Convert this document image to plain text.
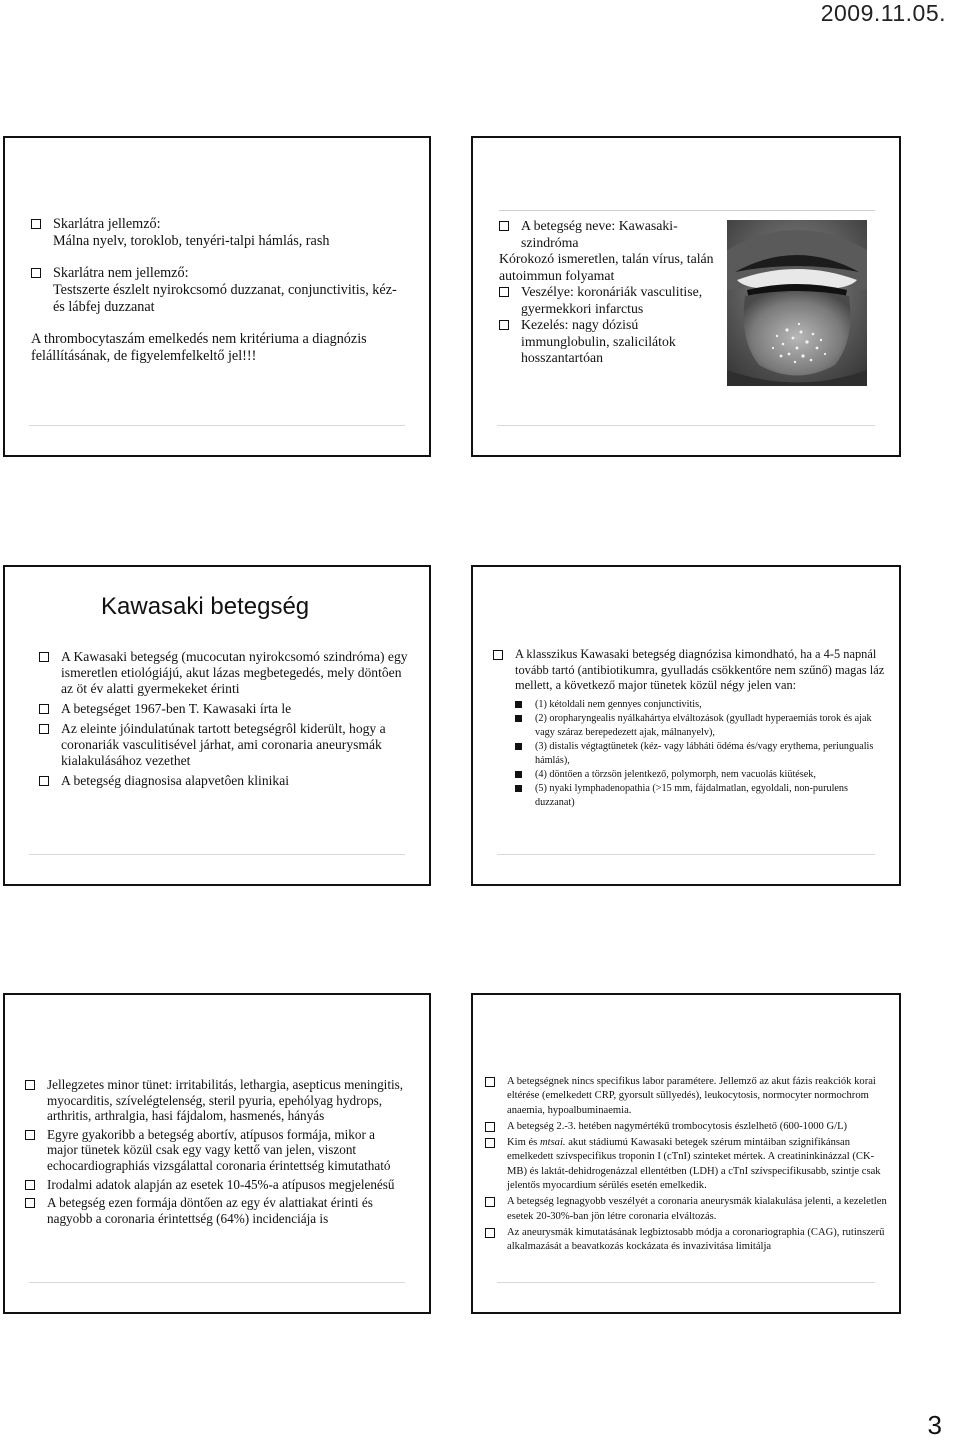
2009.11.05.
Skarlátra jellemző:
Málna nyelv, toroklob, tenyéri-talpi hámlás, rash
Skarlátra nem jellemző:
Testszerte észlelt nyirokcsomó duzzanat, conjunctivitis, kéz- és lábfej duzzanat
A thrombocytaszám emelkedés nem kritériuma a diagnózis felállításának, de figyelemfelkeltő jel!!!
A betegség neve: Kawasaki-szindróma
Kórokozó ismeretlen, talán vírus, talán autoimmun folyamat
Veszélye: koronáriák vasculitise, gyermekkori infarctus
Kezelés: nagy dózisú immunglobulin, szalicilátok hosszantartóan
Kawasaki betegség
A Kawasaki betegség (mucocutan nyirokcsomó szindróma) egy ismeretlen etiológiájú, akut lázas megbetegedés, mely döntôen az öt év alatti gyermekeket érinti
A betegséget 1967-ben T. Kawasaki írta le
Az eleinte jóindulatúnak tartott betegségrôl kiderült, hogy a coronariák vasculitisével járhat, ami coronaria aneurysmák kialakulásához vezethet
A betegség diagnosisa alapvetôen klinikai
A klasszikus Kawasaki betegség diagnózisa kimondható, ha a 4-5 napnál tovább tartó (antibiotikumra, gyulladás csökkentőre nem szűnő) magas láz mellett, a következő major tünetek közül négy jelen van:
(1) kétoldali nem gennyes conjunctivitis,
(2) oropharyngealis nyálkahártya elváltozások (gyulladt hyperaemiás torok és ajak vagy száraz berepedezett ajak, málnanyelv),
(3) distalis végtagtünetek (kéz- vagy lábháti ödéma és/vagy erythema, periungualis hámlás),
(4) döntően a törzsön jelentkező, polymorph, nem vacuolás kiütések,
(5) nyaki lymphadenopathia (>15 mm, fájdalmatlan, egyoldali, non-purulens duzzanat)
Jellegzetes minor tünet: irritabilitás, lethargia, asepticus meningitis, myocarditis, szívelégtelenség, steril pyuria, epehólyag hydrops, arthritis, arthralgia, hasi fájdalom, hasmenés, hányás
Egyre gyakoribb a betegség abortív, atípusos formája, mikor a major tünetek közül csak egy vagy kettő van jelen, viszont echocardiographiás vizsgálattal coronaria érintettség kimutatható
Irodalmi adatok alapján az esetek 10-45%-a atípusos megjelenésű
A betegség ezen formája döntően az egy év alattiakat érinti és nagyobb a coronaria érintettség (64%) incidenciája is
A betegségnek nincs specifikus labor paramétere. Jellemző az akut fázis reakciók korai eltérése (emelkedett CRP, gyorsult süllyedés), leukocytosis, normocyter normochrom anaemia, hypoalbuminaemia.
A betegség 2.-3. hetében nagymértékű trombocytosis észlelhető (600-1000 G/L)
Kim és mtsai. akut stádiumú Kawasaki betegek szérum mintáiban szignifikánsan emelkedett szívspecifikus troponin I (cTnI) szinteket mértek. A creatininkinázzal (CK-MB) és laktát-dehidrogenázzal ellentétben (LDH) a cTnI szívspecifikusabb, szintje csak jelentős myocardium sérülés esetén emelkedik.
A betegség legnagyobb veszélyét a coronaria aneurysmák kialakulása jelenti, a kezeletlen esetek 20-30%-ban jön létre coronaria elváltozás.
Az aneurysmák kimutatásának legbiztosabb módja a coronariographia (CAG), rutinszerű alkalmazását a beavatkozás kockázata és invazivitása limitálja
3
